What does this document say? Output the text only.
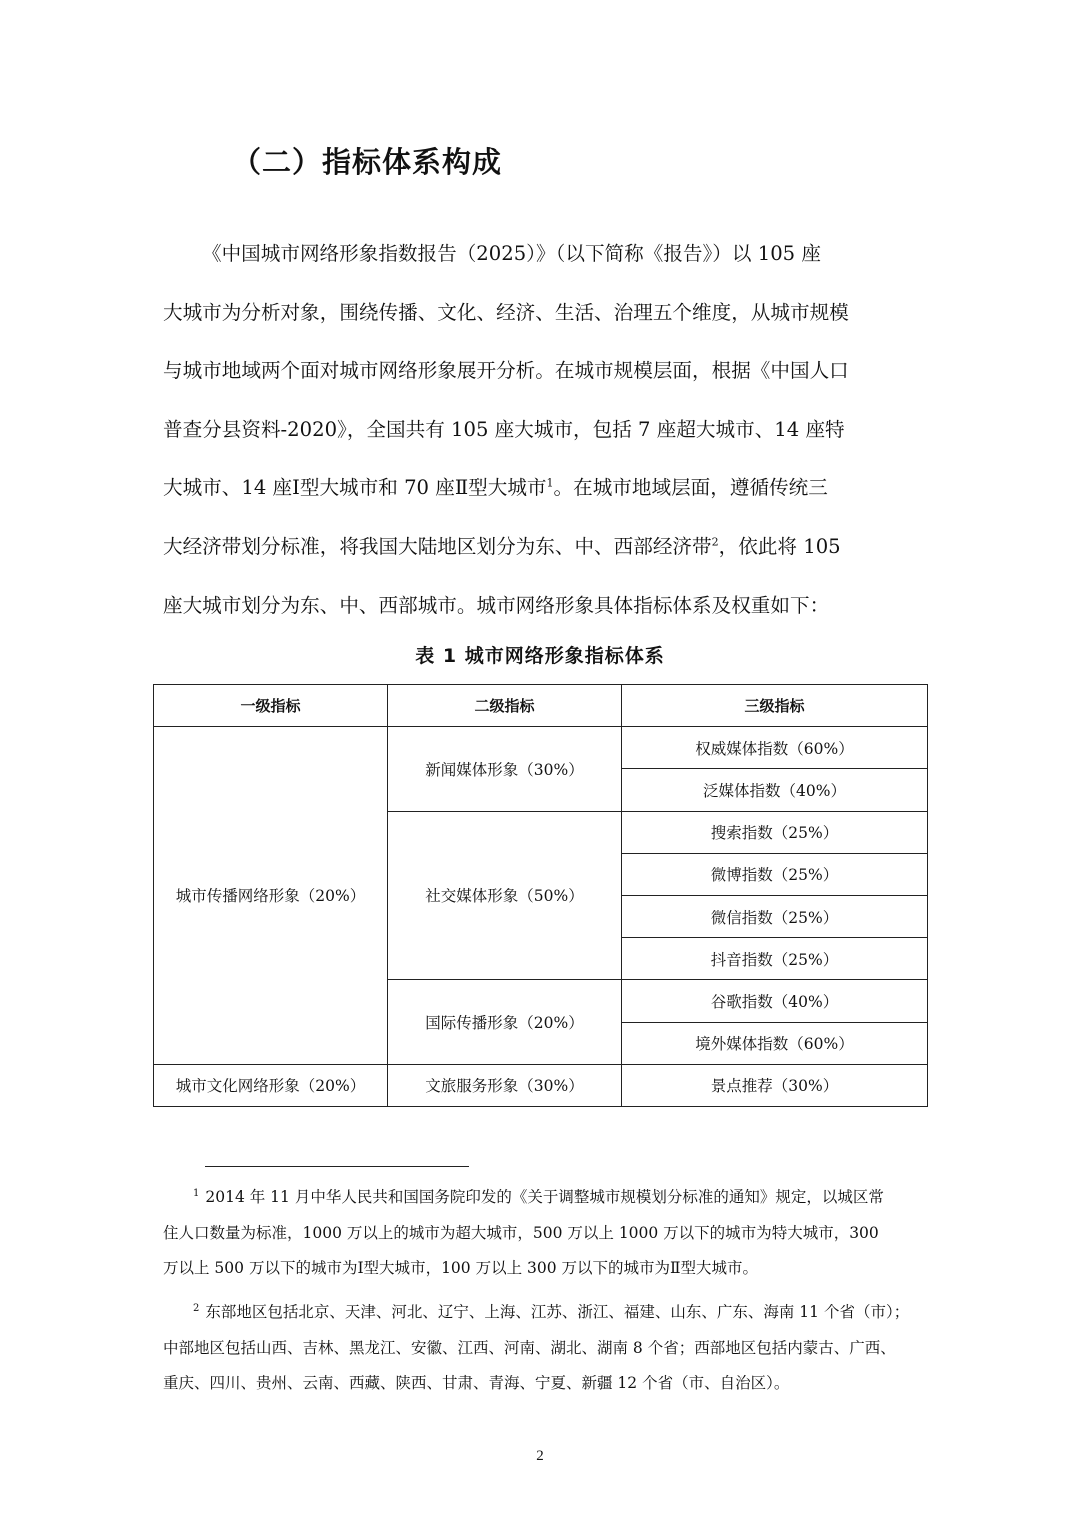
（二）指标体系构成
《中国城市网络形象指数报告（2025）》（以下简称《报告》）以 105 座
大城市为分析对象，围绕传播、文化、经济、生活、治理五个维度，从城市规模
与城市地域两个面对城市网络形象展开分析。在城市规模层面，根据《中国人口
普查分县资料-2020》，全国共有 105 座大城市，包括 7 座超大城市、14 座特
大城市、14 座Ⅰ型大城市和 70 座Ⅱ型大城市$^1$。在城市地域层面，遵循传统三
大经济带划分标准，将我国大陆地区划分为东、中、西部经济带$^2$，依此将 105
座大城市划分为东、中、西部城市。城市网络形象具体指标体系及权重如下：
表 1 城市网络形象指标体系
一级指标	二级指标	三级指标
城市传播网络形象（20%）	新闻媒体形象（30%）	权威媒体指数（60%）
		泛媒体指数（40%）
	社交媒体形象（50%）	搜索指数（25%）
		微博指数（25%）
		微信指数（25%）
		抖音指数（25%）
	国际传播形象（20%）	谷歌指数（40%）
		境外媒体指数（60%）
城市文化网络形象（20%）	文旅服务形象（30%）	景点推荐（30%）
$^1$ 2014 年 11 月中华人民共和国国务院印发的《关于调整城市规模划分标准的通知》规定，以城区常
住人口数量为标准，1000 万以上的城市为超大城市，500 万以上 1000 万以下的城市为特大城市，300
万以上 500 万以下的城市为Ⅰ型大城市，100 万以上 300 万以下的城市为Ⅱ型大城市。
$^2$ 东部地区包括北京、天津、河北、辽宁、上海、江苏、浙江、福建、山东、广东、海南 11 个省（市）；
中部地区包括山西、吉林、黑龙江、安徽、江西、河南、湖北、湖南 8 个省；西部地区包括内蒙古、广西、
重庆、四川、贵州、云南、西藏、陕西、甘肃、青海、宁夏、新疆 12 个省（市、自治区）。
2
